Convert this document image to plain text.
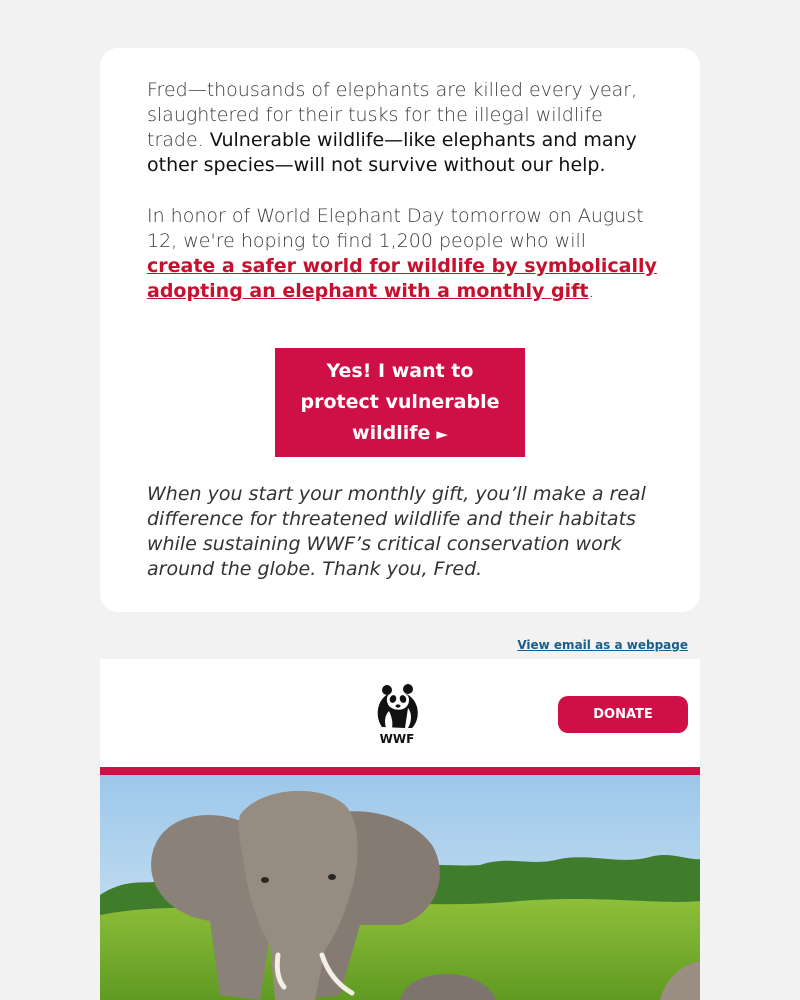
Fred—thousands of elephants are killed every year, slaughtered for their tusks for the illegal wildlife trade. Vulnerable wildlife—like elephants and many other species—will not survive without our help.

In honor of World Elephant Day tomorrow on August 12, we're hoping to find 1,200 people who will create a safer world for wildlife by symbolically adopting an elephant with a monthly gift.

Yes! I want to protect vulnerable wildlife ►

When you start your monthly gift, you’ll make a real difference for threatened wildlife and their habitats while sustaining WWF’s critical conservation work around the globe. Thank you, Fred.

View email as a webpage
WWF
DONATE
